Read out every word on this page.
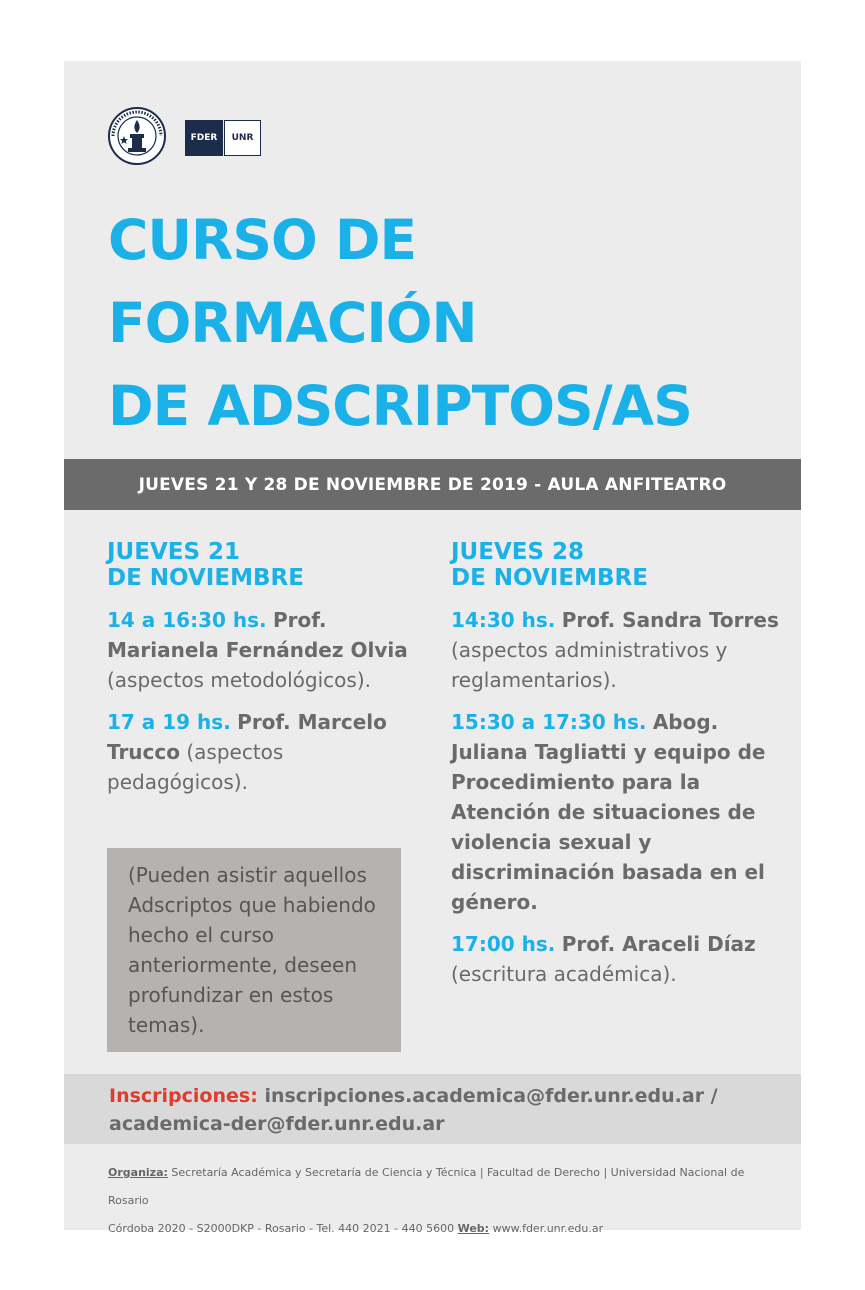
FDER	UNR
CURSO DE
FORMACIÓN
DE ADSCRIPTOS/AS
JUEVES 21 Y 28 DE NOVIEMBRE DE 2019 - AULA ANFITEATRO
JUEVES 21
DE NOVIEMBRE
14 a 16:30 hs. Prof. Marianela Fernández Olvia (aspectos metodológicos).
17 a 19 hs. Prof. Marcelo Trucco (aspectos pedagógicos).
(Pueden asistir aquellos Adscriptos que habiendo hecho el curso anteriormente, deseen profundizar en estos temas).
JUEVES 28
DE NOVIEMBRE
14:30 hs. Prof. Sandra Torres (aspectos administrativos y reglamentarios).
15:30 a 17:30 hs. Abog. Juliana Tagliatti y equipo de Procedimiento para la Atención de situaciones de violencia sexual y discriminación basada en el género.
17:00 hs. Prof. Araceli Díaz (escritura académica).
Inscripciones: inscripciones.academica@fder.unr.edu.ar / academica-der@fder.unr.edu.ar
Organiza: Secretaría Académica y Secretaría de Ciencia y Técnica | Facultad de Derecho | Universidad Nacional de Rosario
Córdoba 2020 - S2000DKP - Rosario - Tel. 440 2021 - 440 5600 Web: www.fder.unr.edu.ar
